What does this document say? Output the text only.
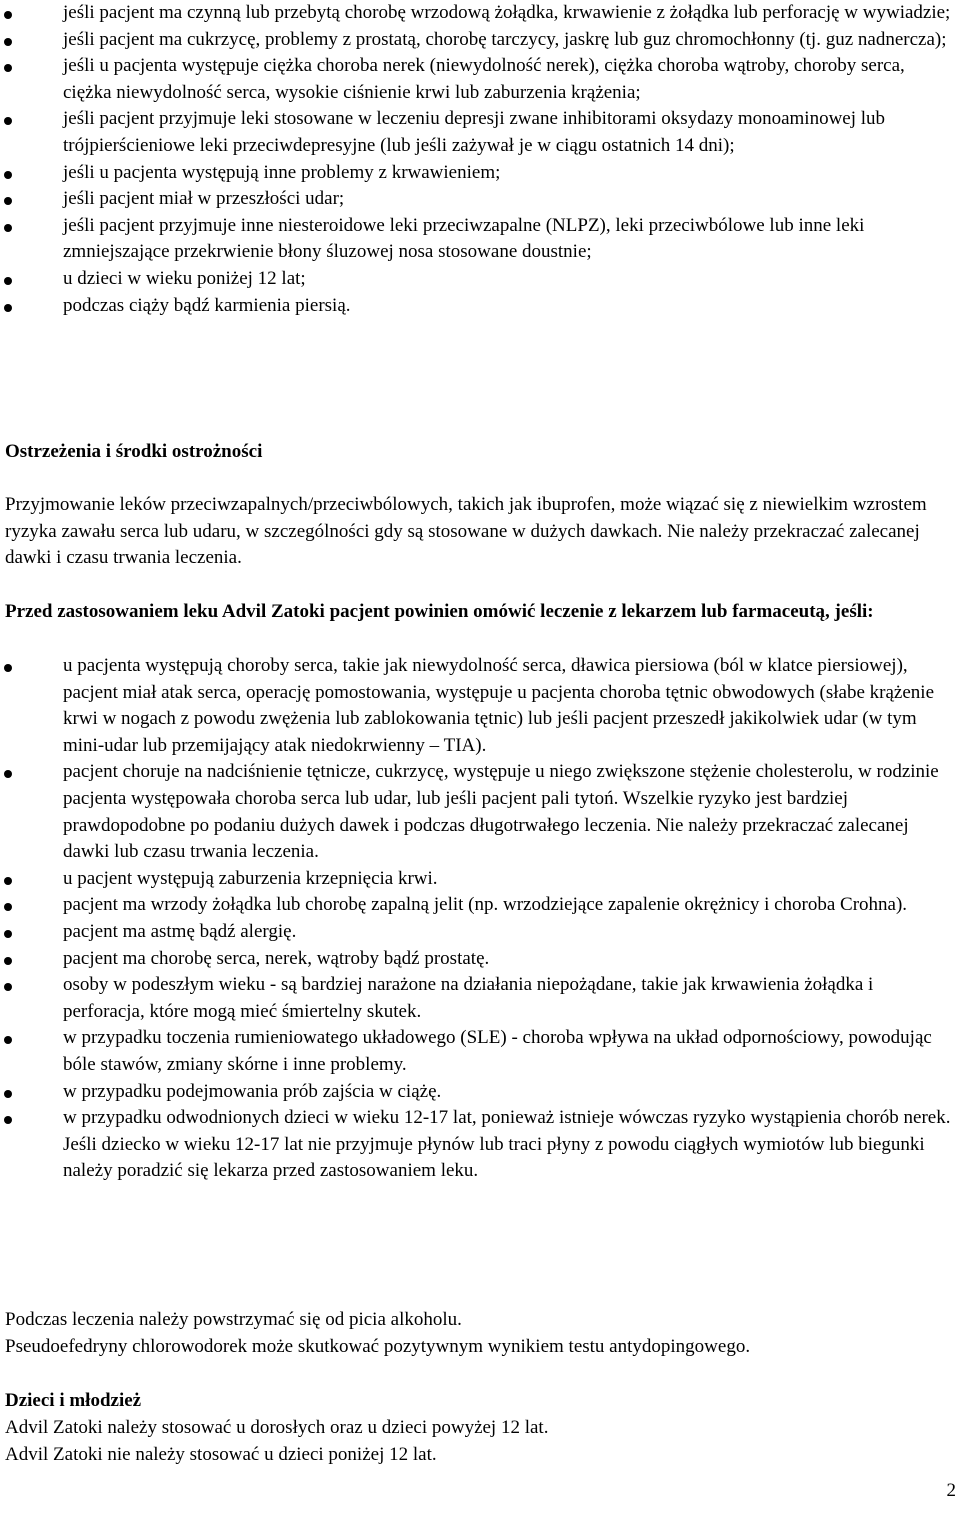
jeśli pacjent ma czynną lub przebytą chorobę wrzodową żołądka, krwawienie z żołądka lub perforację w wywiadzie;
jeśli pacjent ma cukrzycę, problemy z prostatą, chorobę tarczycy, jaskrę lub guz chromochłonny (tj. guz nadnercza);
jeśli u pacjenta występuje ciężka choroba nerek (niewydolność nerek), ciężka choroba wątroby, choroby serca, ciężka niewydolność serca, wysokie ciśnienie krwi lub zaburzenia krążenia;
jeśli pacjent przyjmuje leki stosowane w leczeniu depresji zwane inhibitorami oksydazy monoaminowej lub trójpierścieniowe leki przeciwdepresyjne (lub jeśli zażywał je w ciągu ostatnich 14 dni);
jeśli u pacjenta występują inne problemy z krwawieniem;
jeśli pacjent miał w przeszłości udar;
jeśli pacjent przyjmuje inne niesteroidowe leki przeciwzapalne (NLPZ), leki przeciwbólowe lub inne leki zmniejszające przekrwienie błony śluzowej nosa stosowane doustnie;
u dzieci w wieku poniżej 12 lat;
podczas ciąży bądź karmienia piersią.

Ostrzeżenia i środki ostrożności

Przyjmowanie leków przeciwzapalnych/przeciwbólowych, takich jak ibuprofen, może wiązać się z niewielkim wzrostem ryzyka zawału serca lub udaru, w szczególności gdy są stosowane w dużych dawkach. Nie należy przekraczać zalecanej dawki i czasu trwania leczenia.

Przed zastosowaniem leku Advil Zatoki pacjent powinien omówić leczenie z lekarzem lub farmaceutą, jeśli:

u pacjenta występują choroby serca, takie jak niewydolność serca, dławica piersiowa (ból w klatce piersiowej), pacjent miał atak serca, operację pomostowania, występuje u pacjenta choroba tętnic obwodowych (słabe krążenie krwi w nogach z powodu zwężenia lub zablokowania tętnic) lub jeśli pacjent przeszedł jakikolwiek udar (w tym mini-udar lub przemijający atak niedokrwienny – TIA).
pacjent choruje na nadciśnienie tętnicze, cukrzycę, występuje u niego zwiększone stężenie cholesterolu, w rodzinie pacjenta występowała choroba serca lub udar, lub jeśli pacjent pali tytoń. Wszelkie ryzyko jest bardziej prawdopodobne po podaniu dużych dawek i podczas długotrwałego leczenia. Nie należy przekraczać zalecanej dawki lub czasu trwania leczenia.
u pacjent występują zaburzenia krzepnięcia krwi.
pacjent ma wrzody żołądka lub chorobę zapalną jelit (np. wrzodziejące zapalenie okrężnicy i choroba Crohna).
pacjent ma astmę bądź alergię.
pacjent ma chorobę serca, nerek, wątroby bądź prostatę.
osoby w podeszłym wieku - są bardziej narażone na działania niepożądane, takie jak krwawienia żołądka i perforacja, które mogą mieć śmiertelny skutek.
w przypadku toczenia rumieniowatego układowego (SLE) - choroba wpływa na układ odpornościowy, powodując bóle stawów, zmiany skórne i inne problemy.
w przypadku podejmowania prób zajścia w ciążę.
w przypadku odwodnionych dzieci w wieku 12-17 lat, ponieważ istnieje wówczas ryzyko wystąpienia chorób nerek. Jeśli dziecko w wieku 12-17 lat nie przyjmuje płynów lub traci płyny z powodu ciągłych wymiotów lub biegunki należy poradzić się lekarza przed zastosowaniem leku.

Podczas leczenia należy powstrzymać się od picia alkoholu.

Pseudoefedryny chlorowodorek może skutkować pozytywnym wynikiem testu antydopingowego.

Dzieci i młodzież

Advil Zatoki należy stosować u dorosłych oraz u dzieci powyżej 12 lat.

Advil Zatoki nie należy stosować u dzieci poniżej 12 lat.

2
